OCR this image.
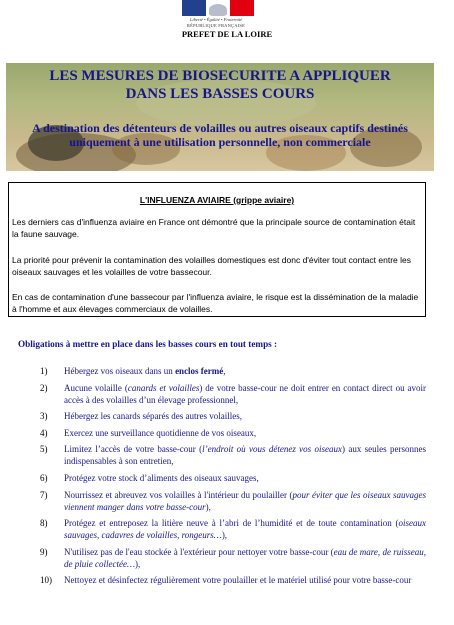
Liberté • Égalité • Fraternité
RÉPUBLIQUE FRANÇAISE
PREFET DE LA LOIRE
LES MESURES DE BIOSECURITE A APPLIQUER
DANS LES BASSES COURS
A destination des détenteurs de volailles ou autres oiseaux captifs destinés uniquement à une utilisation personnelle, non commerciale
L'INFLUENZA AVIAIRE (grippe aviaire)

Les derniers cas d'influenza aviaire en France ont démontré que la principale source de contamination était la faune sauvage.

La priorité pour prévenir la contamination des volailles domestiques est donc d'éviter tout contact entre les oiseaux sauvages et les volailles de votre bassecour.

En cas de contamination d'une bassecour par l'influenza aviaire, le risque est la dissémination de la maladie à l'homme et aux élevages commerciaux de volailles.

Obligations à mettre en place dans les basses cours en tout temps :
1) Hébergez vos oiseaux dans un enclos fermé,
2) Aucune volaille (canards et volailles) de votre basse-cour ne doit entrer en contact direct ou avoir accès à des volailles d’un élevage professionnel,
3) Hébergez les canards séparés des autres volailles,
4) Exercez une surveillance quotidienne de vos oiseaux,
5) Limitez l’accès de votre basse-cour (l’endroit où vous détenez vos oiseaux) aux seules personnes indispensables à son entretien,
6) Protégez votre stock d’aliments des oiseaux sauvages,
7) Nourrissez et abreuvez vos volailles à l'intérieur du poulailler (pour éviter que les oiseaux sauvages viennent manger dans votre basse-cour),
8) Protégez et entreposez la litière neuve à l’abri de l’humidité et de toute contamination (oiseaux sauvages, cadavres de volailles, rongeurs…),
9) N'utilisez pas de l'eau stockée à l'extérieur pour nettoyer votre basse-cour (eau de mare, de ruisseau, de pluie collectée…),
10) Nettoyez et désinfectez régulièrement votre poulailler et le matériel utilisé pour votre basse-cour
